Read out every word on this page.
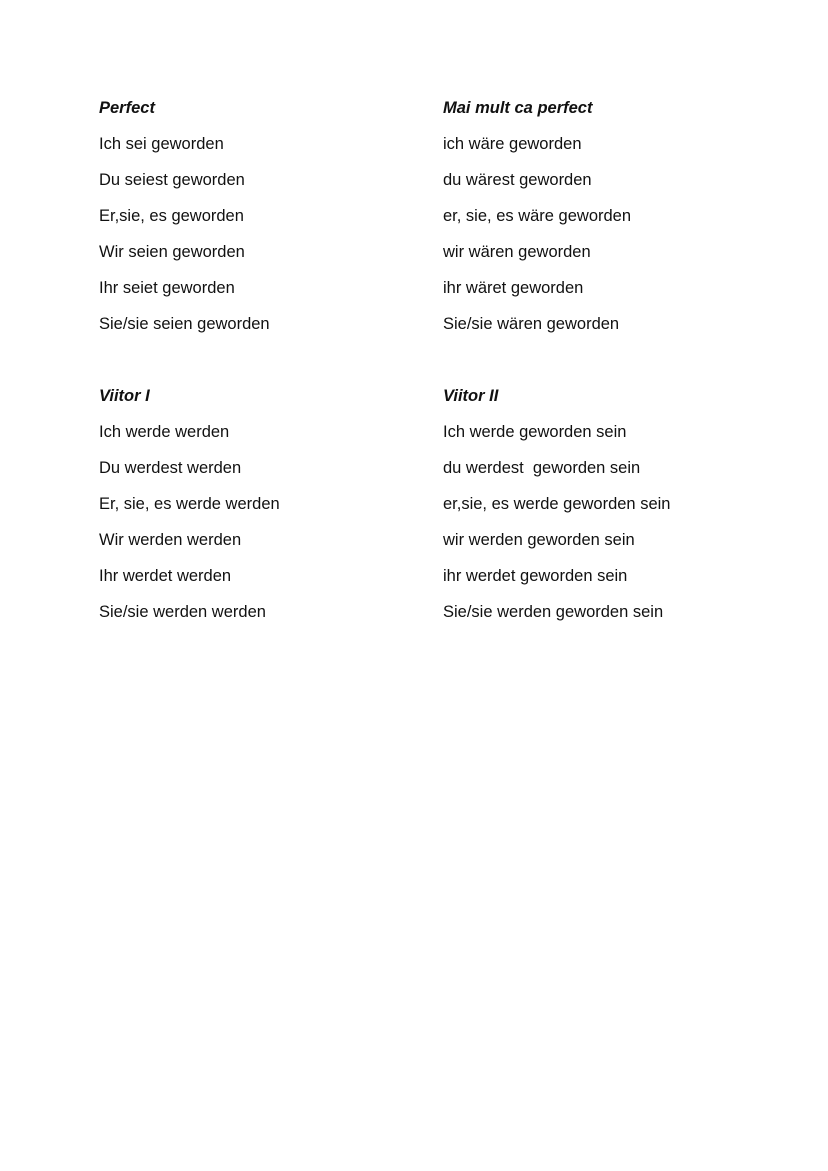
Perfect
Ich sei geworden
Du seiest geworden
Er,sie, es geworden
Wir seien geworden
Ihr seiet geworden
Sie/sie seien geworden
Mai mult ca perfect
ich wäre geworden
du wärest geworden
er, sie, es wäre geworden
wir wären geworden
ihr wäret geworden
Sie/sie wären geworden
Viitor I
Ich werde werden
Du werdest werden
Er, sie, es werde werden
Wir werden werden
Ihr werdet werden
Sie/sie werden werden
Viitor II
Ich werde geworden sein
du werdest  geworden sein
er,sie, es werde geworden sein
wir werden geworden sein
ihr werdet geworden sein
Sie/sie werden geworden sein
